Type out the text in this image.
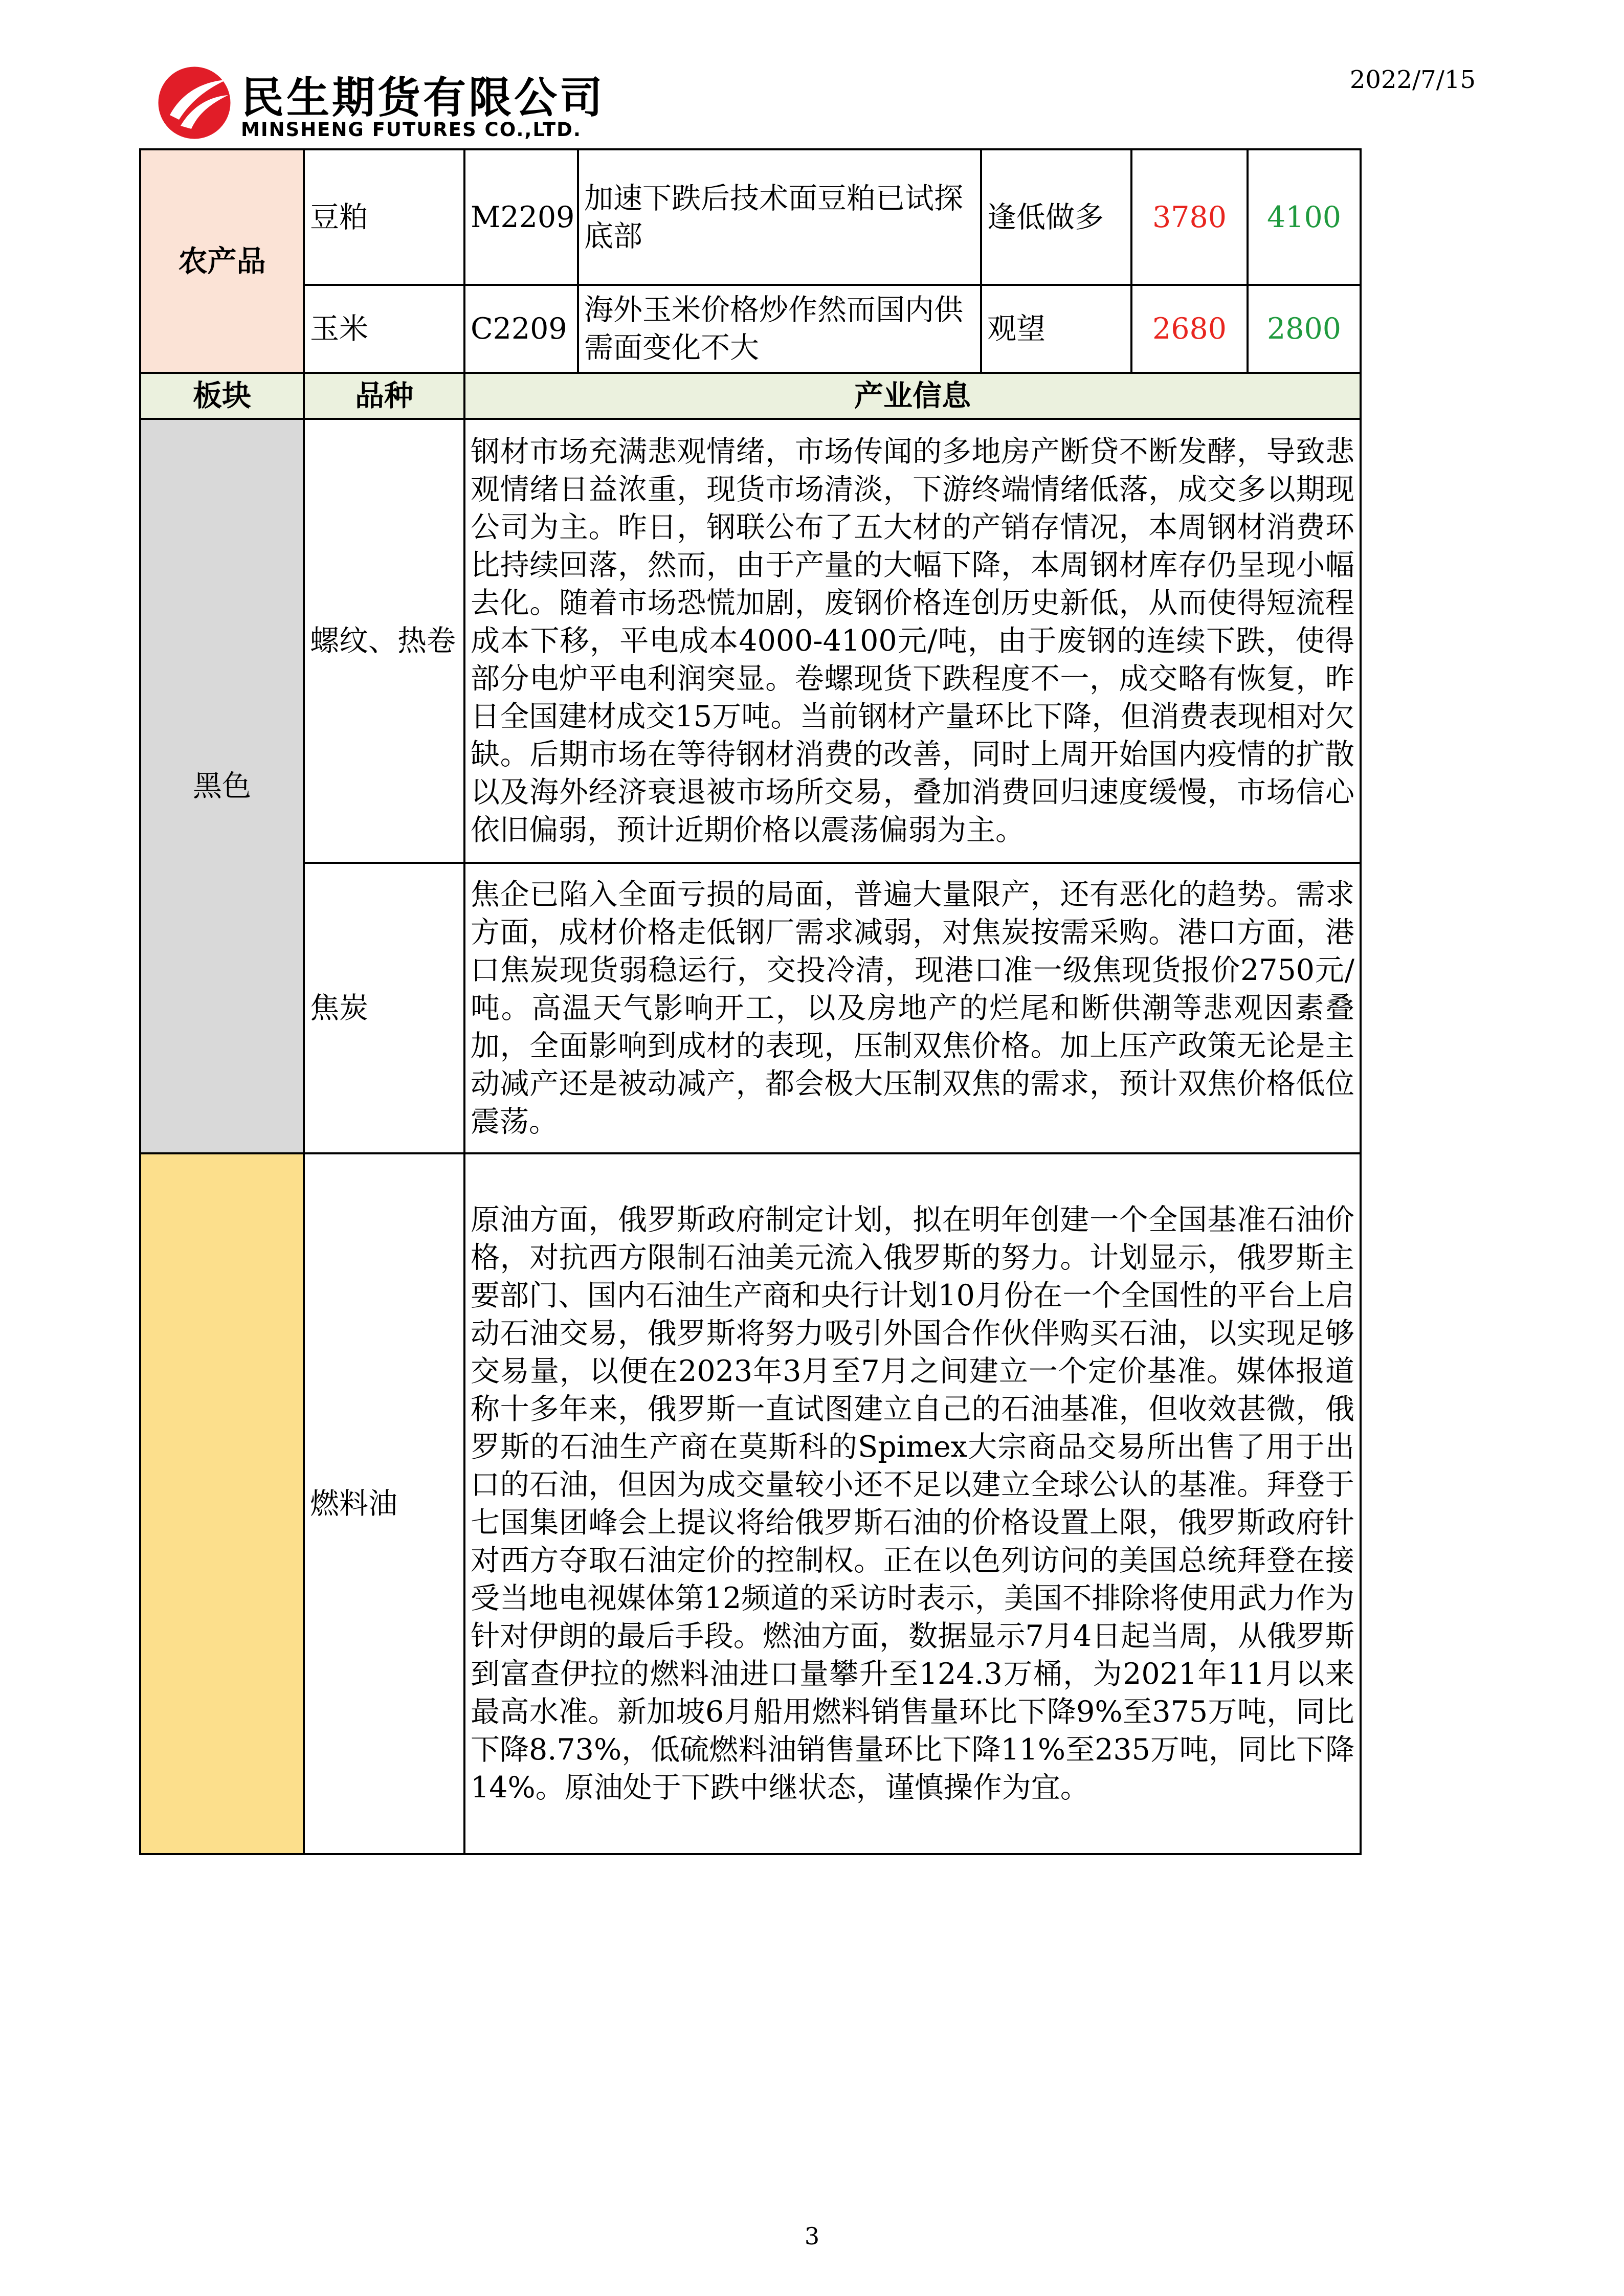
民生期货有限公司
MINSHENG FUTURES CO.,LTD.
2022/7/15
农产品	豆粕	M2209	加速下跌后技术面豆粕已试探底部	逢低做多	3780	4100
	玉米	C2209	海外玉米价格炒作然而国内供需面变化不大	观望	2680	2800
板块	品种	产业信息				
黑色	螺纹、热卷	钢材市场充满悲观情绪，市场传闻的多地房产断贷不断发酵，导致悲观情绪日益浓重，现货市场清淡，下游终端情绪低落，成交多以期现公司为主。昨日，钢联公布了五大材的产销存情况，本周钢材消费环比持续回落，然而，由于产量的大幅下降，本周钢材库存仍呈现小幅去化。随着市场恐慌加剧，废钢价格连创历史新低，从而使得短流程成本下移，平电成本4000-4100元/吨，由于废钢的连续下跌，使得部分电炉平电利润突显。卷螺现货下跌程度不一，成交略有恢复，昨日全国建材成交15万吨。当前钢材产量环比下降，但消费表现相对欠缺。后期市场在等待钢材消费的改善，同时上周开始国内疫情的扩散以及海外经济衰退被市场所交易，叠加消费回归速度缓慢，市场信心依旧偏弱，预计近期价格以震荡偏弱为主。				
	焦炭	焦企已陷入全面亏损的局面，普遍大量限产，还有恶化的趋势。需求方面，成材价格走低钢厂需求减弱，对焦炭按需采购。港口方面，港口焦炭现货弱稳运行，交投冷清，现港口准一级焦现货报价2750元/吨。高温天气影响开工，以及房地产的烂尾和断供潮等悲观因素叠加，全面影响到成材的表现，压制双焦价格。加上压产政策无论是主动减产还是被动减产，都会极大压制双焦的需求，预计双焦价格低位震荡。				
	燃料油	原油方面，俄罗斯政府制定计划，拟在明年创建一个全国基准石油价格，对抗西方限制石油美元流入俄罗斯的努力。计划显示，俄罗斯主要部门、国内石油生产商和央行计划10月份在一个全国性的平台上启动石油交易，俄罗斯将努力吸引外国合作伙伴购买石油，以实现足够交易量，以便在2023年3月至7月之间建立一个定价基准。媒体报道称十多年来，俄罗斯一直试图建立自己的石油基准，但收效甚微，俄罗斯的石油生产商在莫斯科的Spimex大宗商品交易所出售了用于出口的石油，但因为成交量较小还不足以建立全球公认的基准。拜登于七国集团峰会上提议将给俄罗斯石油的价格设置上限，俄罗斯政府针对西方夺取石油定价的控制权。正在以色列访问的美国总统拜登在接受当地电视媒体第12频道的采访时表示，美国不排除将使用武力作为针对伊朗的最后手段。燃油方面，数据显示7月4日起当周，从俄罗斯到富查伊拉的燃料油进口量攀升至124.3万桶，为2021年11月以来最高水准。新加坡6月船用燃料销售量环比下降9%至375万吨，同比下降8.73%，低硫燃料油销售量环比下降11%至235万吨，同比下降14%。原油处于下跌中继状态，谨慎操作为宜。				
3
